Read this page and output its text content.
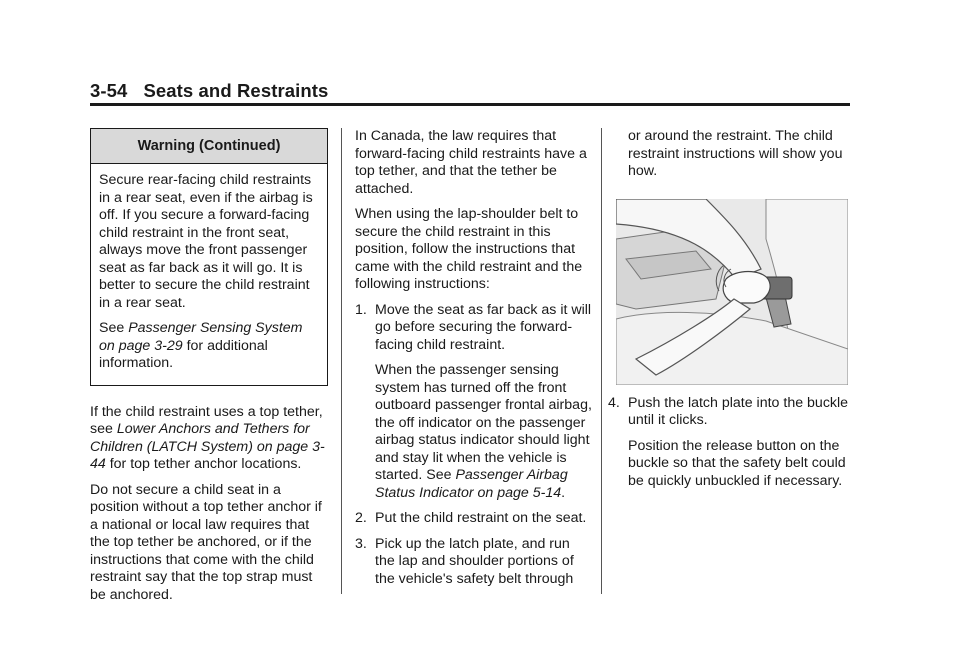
3-54 Seats and Restraints
Warning (Continued)

Secure rear-facing child restraints in a rear seat, even if the airbag is off. If you secure a forward-facing child restraint in the front seat, always move the front passenger seat as far back as it will go. It is better to secure the child restraint in a rear seat.

See Passenger Sensing System on page 3-29 for additional information.

If the child restraint uses a top tether, see Lower Anchors and Tethers for Children (LATCH System) on page 3-44 for top tether anchor locations.

Do not secure a child seat in a position without a top tether anchor if a national or local law requires that the top tether be anchored, or if the instructions that come with the child restraint say that the top strap must be anchored.

In Canada, the law requires that forward-facing child restraints have a top tether, and that the tether be attached.

When using the lap-shoulder belt to secure the child restraint in this position, follow the instructions that came with the child restraint and the following instructions:

1. Move the seat as far back as it will go before securing the forward-facing child restraint.

When the passenger sensing system has turned off the front outboard passenger frontal airbag, the off indicator on the passenger airbag status indicator should light and stay lit when the vehicle is started. See Passenger Airbag Status Indicator on page 5-14.

2. Put the child restraint on the seat.
3. Pick up the latch plate, and run the lap and shoulder portions of the vehicle's safety belt through

or around the restraint. The child restraint instructions will show you how.

4. Push the latch plate into the buckle until it clicks.

Position the release button on the buckle so that the safety belt could be quickly unbuckled if necessary.
